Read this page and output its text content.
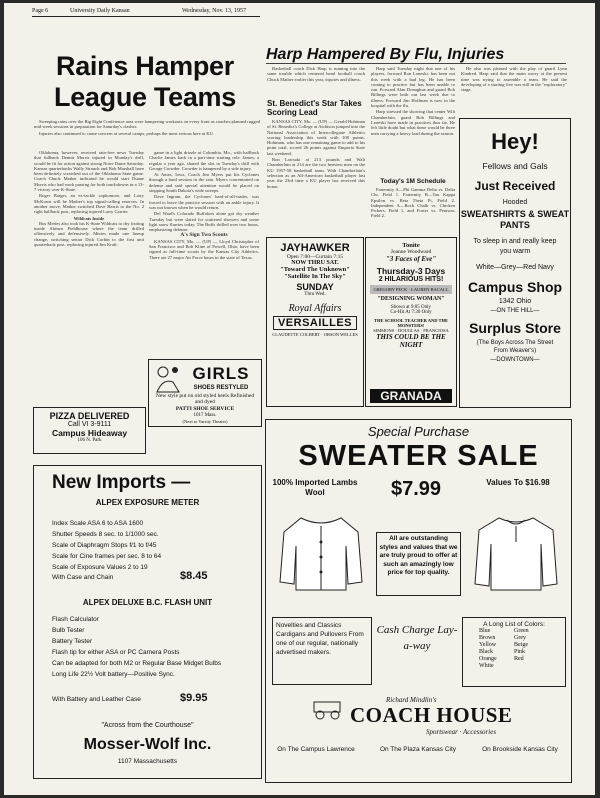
Page 6	University Daily Kansan	Wednesday, Nov. 13, 1957
Rains Hamper League Teams

Sweeping rains over the Big Eight Conference area were hampering workouts on every front as coaches planned rugged mid-week sessions in preparation for Saturday's clashes.

Injuries also continued to cause concern at several camps, perhaps the most serious here at KU.

Oklahoma, however, received rain-free news Tuesday that fullback Dennit Morris injured in Monday's drill, would be fit for action against strong Notre Dame Saturday. Kansas quarterbacks Wally Strauch and Bob Marshall have been definitely scratched out of the Oklahoma State game. Coach Chuck Mather indicated he would start Duane Morris who had work passing for both touchdowns in a 13-7 victory over K-State.

Roger Barger, an ex-tackle sophomore, and Larry McKown will be Mather's top signal-calling reserves. In another move, Mather switched Dave Harris to the No. 2 right halfback post, replacing injured Larry Carrier.

Wildcats Inside

Bus Mertes also took his K-State Wildcats to dry footing inside Ahearn Fieldhouse where the team drilled offensively and defensively. Mertes made one lineup change, switching senior Dick Corbin to the first unit quarterback post, replacing injured Jim Kraft.

game in a light drizzle at Columbia, Mo., with halfback Charlie James back in a part-time starting role. James, a regular a year ago, shared the slot in Tuesday's drill with George Crowder. Crowder is hampered by a side injury.

At Ames, Iowa, Coach Jim Myers put his Cyclones through a hard session in the rain. Myers concentrated on defense and said special attention would be placed on stopping South Dakota's wide sweeps.

Dave Ingram, the Cyclones' hard-of-all-trades, was forced to leave the practice session with an ankle injury. It was not known when he would return.

Del Ward's Colorado Buffaloes alone got dry weather Tuesday but were slated for scattered showers and some light snow flurries today. The Buffs drilled over two hours, emphasizing defense.

A's Sign Two Scouts

KANSAS CITY, Mo. — (UP) — Lloyd Christopher of San Francisco and Bob Kline of Powell, Ohio, have been signed as full-time scouts by the Kansas City Athletics. There are 27 major Air Force bases in the state of Texas.

GIRLS
SHOES RESTYLED
New style put on old styled heels Refinished and dyed
PATTI SHOE SERVICE
1017 Mass.
(Next to Varsity Theater)
PIZZA DELIVERED
Call VI 3-9111
Campus Hideaway
106 N. Park
New Imports —
ALPEX EXPOSURE METER
Index Scale ASA 6 to ASA 1600
Shutter Speeds 8 sec. to 1/1000 sec.
Scale of Diaphragm Stops f/1 to f/45
Scale for Cine frames per sec. 8 to 64
Scale of Exposure Values 2 to 19
With Case and Chain	$8.45
ALPEX DELUXE B.C. FLASH UNIT
Flash Calculator
Bulb Tester
Battery Tester
Flash tip for either ASA or PC Camera Posts
Can be adapted for both M2 or Regular Base Midget Bulbs
Long Life 22½ Volt battery—Positive Sync.
With Battery and Leather Case	$9.95
"Across from the Courthouse"
Mosser-Wolf Inc.
1107 Massachusetts
Harp Hampered By Flu, Injuries

Basketball coach Dick Harp is running into the same trouble which centered head football coach Chuck Mather earlier this year, injuries and illness.

St. Benedict's Star Takes Scoring Lead

KANSAS CITY, Mo. — (UP) — Gerald Hohiman of St. Benedict's College at Atchison jumped into the National Association of Intercollegiate Athletics scoring leadership this week with 108 points. Hohiman, who has one remaining game to add to his point total, scored 26 points against Emporia State last weekend.

Ron Lawsaki at 213 pounds and Walt Chamberlain at 214 are the two heaviest men on the KU 1957-58 basketball team. With Chamberlain's selection as an All-American basketball player last year the 23rd time a KU player has received this honor.

Harp said Tuesday night that one of his players, forward Ron Loneski, has been out this week with a bad leg. He has been coming to practice but has been unable to run. Forward Alan Donaghue and guard Bob Billings were both out last week due to illness. Forward Jim Hoffman is now in the hospital with the flu.

Harp stressed the showing that center Wilt Chamberlain, guard Bob Billings and Loneski have made in practices thus far. He left little doubt but what these would be three men carrying a heavy load during the season.

He also was pleased with the play of guard Lynn Kindred. Harp said that the main worry at the present time was trying to assemble a team. He said the developing of a starting five was still in the "exploratory" stage.

Today's 1M Schedule

Fraternity A—Phi Gamma Delta vs. Delta Chi, Field 1. Fraternity B—Tau Kappa Epsilon vs. Beta Theta Pi, Field 2. Independent A—Rock Chalk vs. Chicken Pickers, Field 1, and Foster vs. Pearson, Field 2.

JAYHAWKER
Open 7:00—Curtain 7:15
NOW THRU SAT.
"Toward The Unknown"
"Satellite In The Sky"
SUNDAY
Thru Wed.
Royal Affairs
VERSAILLES
CLAUDETTE COLBERT · ORSON WELLES
Tonite
Joanne Woodward
"3 Faces of Eve"
Thursday-3 Days
2 HILARIOUS HITS!
GREGORY PECK · LAUREN BACALL
"DESIGNING WOMAN"
Shown at 9:05 Only
Co-Hit At 7:30 Only
THE SCHOOL TEACHER AND THE MONSTERS!
SIMMONS · DOUGLAS · FRANCIOSA
THIS COULD BE THE NIGHT
GRANADA
Hey!
Fellows and Gals
Just Received
Hooded
SWEATSHIRTS & SWEAT PANTS
To sleep in and really keep you warm
White—Grey—Red Navy
Campus Shop
1342 Ohio
—ON THE HILL—
Surplus Store
(The Boys Across The Street From Weaver's)
—DOWNTOWN—
Special Purchase
SWEATER SALE
100% Imported Lambs Wool	$7.99	Values To $16.98
All are outstanding styles and values that we are truly proud to offer at such an amazingly low price for top quality.
Novelties and Classics Cardigans and Pullovers From one of our regular, nationally advertised makers.
Cash Charge Lay-a-way
A Long List of Colors:
Blue	Green
Brown	Grey
Yellow	Beige
Black	Pink
Orange	Red
White
Richard Mindlin's
COACH HOUSE
Sportswear · Accessories
On The Campus Lawrence	On The Plaza Kansas City	On Brookside Kansas City
